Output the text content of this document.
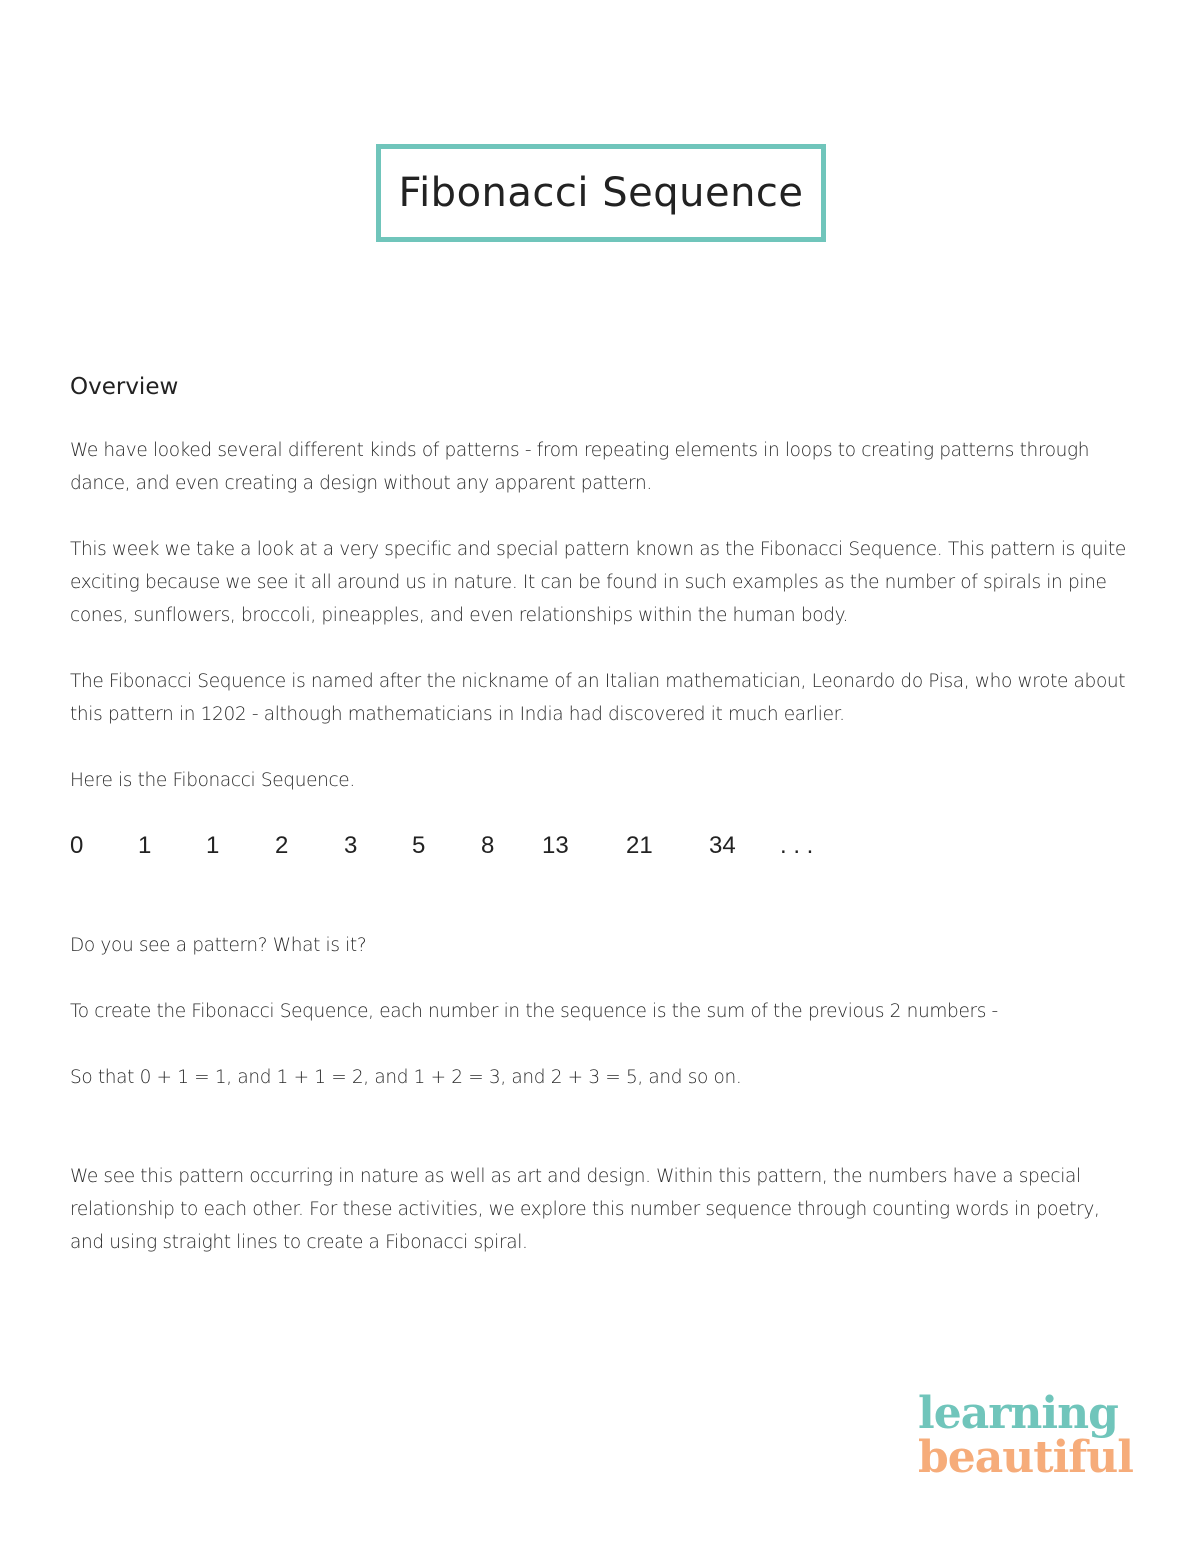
Fibonacci Sequence
Overview

We have looked several different kinds of patterns - from repeating elements in loops to creating patterns through dance, and even creating a design without any apparent pattern.

This week we take a look at a very specific and special pattern known as the Fibonacci Sequence. This pattern is quite exciting because we see it all around us in nature. It can be found in such examples as the number of spirals in pine cones, sunflowers, broccoli, pineapples, and even relationships within the human body.

The Fibonacci Sequence is named after the nickname of an Italian mathematician, Leonardo do Pisa, who wrote about this pattern in 1202 - although mathematicians in India had discovered it much earlier.

Here is the Fibonacci Sequence.

0 1 1 2 3 5 8 13 21 34 . . .

Do you see a pattern? What is it?

To create the Fibonacci Sequence, each number in the sequence is the sum of the previous 2 numbers -

So that 0 + 1 = 1, and 1 + 1 = 2, and 1 + 2 = 3, and 2 + 3 = 5, and so on.

We see this pattern occurring in nature as well as art and design. Within this pattern, the numbers have a special relationship to each other. For these activities, we explore this number sequence through counting words in poetry, and using straight lines to create a Fibonacci spiral.

learning
beautiful
